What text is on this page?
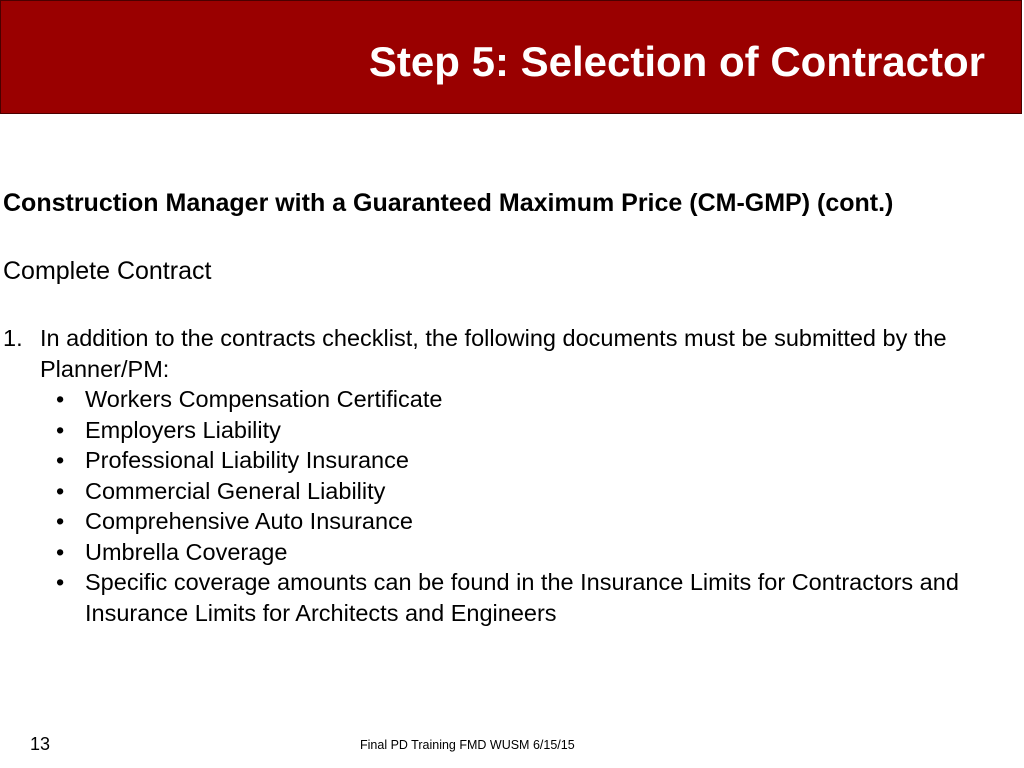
Step 5: Selection of Contractor
Construction Manager with a Guaranteed Maximum Price (CM-GMP) (cont.)
Complete Contract
1. In addition to the contracts checklist, the following documents must be submitted by the Planner/PM:
• Workers Compensation Certificate
• Employers Liability
• Professional Liability Insurance
• Commercial General Liability
• Comprehensive Auto Insurance
• Umbrella Coverage
• Specific coverage amounts can be found in the Insurance Limits for Contractors and Insurance Limits for Architects and Engineers
13	Final PD Training FMD WUSM 6/15/15
